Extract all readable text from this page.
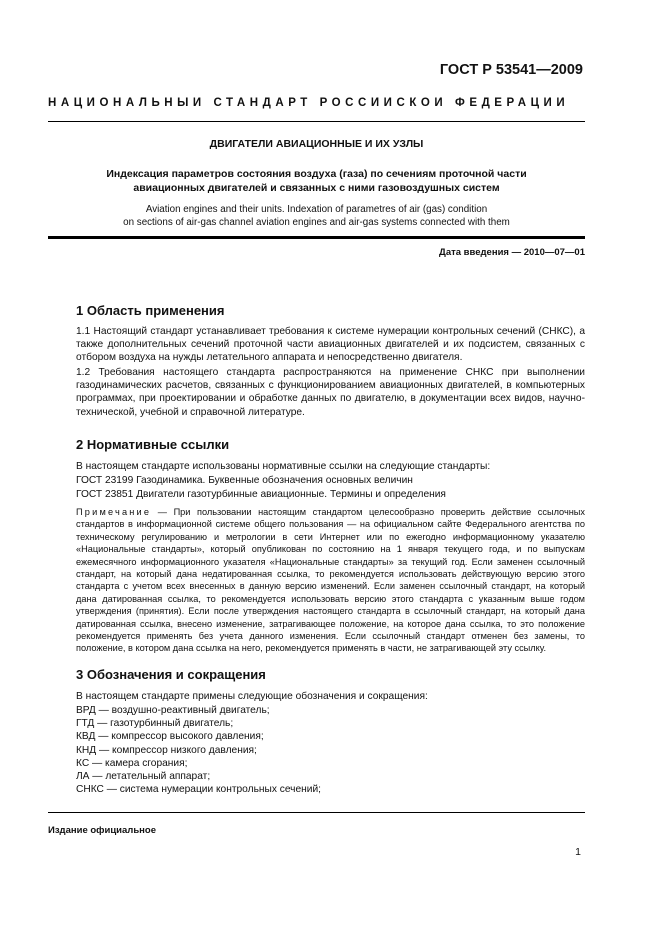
ГОСТ Р 53541—2009
НАЦИОНАЛЬНЫЙ СТАНДАРТ РОССИЙСКОЙ ФЕДЕРАЦИИ
ДВИГАТЕЛИ АВИАЦИОННЫЕ И ИХ УЗЛЫ
Индексация параметров состояния воздуха (газа) по сечениям проточной части
авиационных двигателей и связанных с ними газовоздушных систем
Aviation engines and their units. Indexation of parametres of air (gas) condition
on sections of air-gas channel aviation engines and air-gas systems connected with them
Дата введения — 2010—07—01
1 Область применения
1.1 Настоящий стандарт устанавливает требования к системе нумерации контрольных сечений (СНКС), а также дополнительных сечений проточной части авиационных двигателей и их подсистем, связанных с отбором воздуха на нужды летательного аппарата и непосредственно двигателя.
1.2 Требования настоящего стандарта распространяются на применение СНКС при выполнении газодинамических расчетов, связанных с функционированием авиационных двигателей, в компьютерных программах, при проектировании и обработке данных по двигателю, в документации всех видов, научно-технической, учебной и справочной литературе.
2 Нормативные ссылки
В настоящем стандарте использованы нормативные ссылки на следующие стандарты:
ГОСТ 23199 Газодинамика. Буквенные обозначения основных величин
ГОСТ 23851 Двигатели газотурбинные авиационные. Термины и определения
Примечание — При пользовании настоящим стандартом целесообразно проверить действие ссылочных стандартов в информационной системе общего пользования — на официальном сайте Федерального агентства по техническому регулированию и метрологии в сети Интернет или по ежегодно информационному указателю «Национальные стандарты», который опубликован по состоянию на 1 января текущего года, и по выпускам ежемесячного информационного указателя «Национальные стандарты» за текущий год. Если заменен ссылочный стандарт, на который дана недатированная ссылка, то рекомендуется использовать действующую версию этого стандарта с учетом всех внесенных в данную версию изменений. Если заменен ссылочный стандарт, на который дана датированная ссылка, то рекомендуется использовать версию этого стандарта с указанным выше годом утверждения (принятия). Если после утверждения настоящего стандарта в ссылочный стандарт, на который дана датированная ссылка, внесено изменение, затрагивающее положение, на которое дана ссылка, то это положение рекомендуется применять без учета данного изменения. Если ссылочный стандарт отменен без замены, то положение, в котором дана ссылка на него, рекомендуется применять в части, не затрагивающей эту ссылку.
3 Обозначения и сокращения
В настоящем стандарте примены следующие обозначения и сокращения:
ВРД — воздушно-реактивный двигатель;
ГТД — газотурбинный двигатель;
КВД — компрессор высокого давления;
КНД — компрессор низкого давления;
КС — камера сгорания;
ЛА — летательный аппарат;
СНКС — система нумерации контрольных сечений;
Издание официальное
1
